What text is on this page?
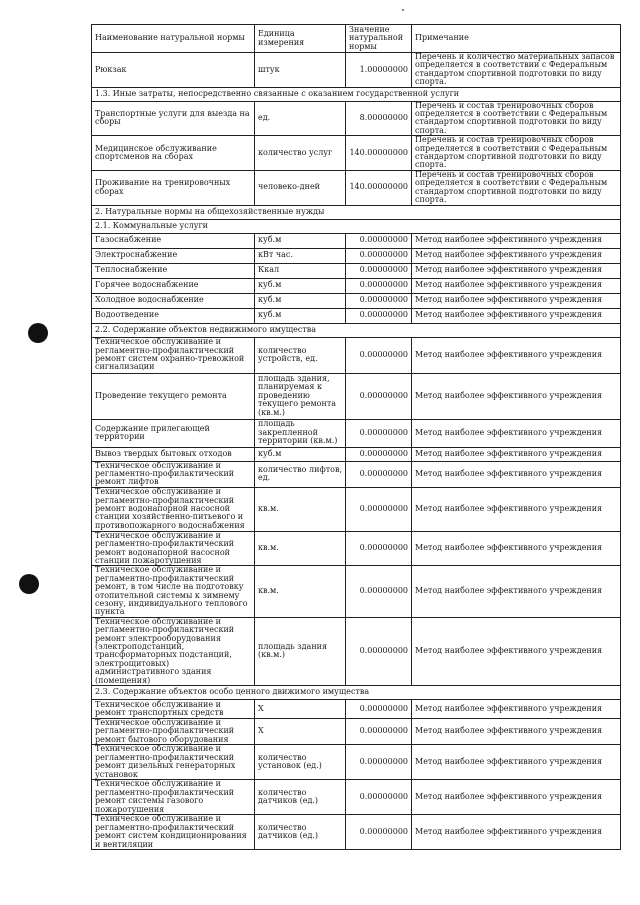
Наименование натуральной нормы	Единица измерения	Значение натуральной нормы	Примечание
Рюкзак	штук	1.00000000	Перечень и количество материальных запасов определяется в соответствии с Федеральным стандартом спортивной подготовки по виду спорта.
1.3. Иные затраты, непосредственно связанные с оказанием государственной услуги			
Транспортные услуги для выезда на сборы	ед.	8.00000000	Перечень и состав тренировочных сборов определяется в соответствии с Федеральным стандартом спортивной подготовки по виду спорта.
Медицинское обслуживание спортсменов на сборах	количество услуг	140.00000000	Перечень и состав тренировочных сборов определяется в соответствии с Федеральным стандартом спортивной подготовки по виду спорта.
Проживание на тренировочных сборах	человеко-дней	140.00000000	Перечень и состав тренировочных сборов определяется в соответствии с Федеральным стандартом спортивной подготовки по виду спорта.
2. Натуральные нормы на общехозяйственные нужды			
2.1. Коммунальные услуги			
Газоснабжение	куб.м	0.00000000	Метод наиболее эффективного учреждения
Электроснабжение	кВт час.	0.00000000	Метод наиболее эффективного учреждения
Теплоснабжение	Ккал	0.00000000	Метод наиболее эффективного учреждения
Горячее водоснабжение	куб.м	0.00000000	Метод наиболее эффективного учреждения
Холодное водоснабжение	куб.м	0.00000000	Метод наиболее эффективного учреждения
Водоотведение	куб.м	0.00000000	Метод наиболее эффективного учреждения
2.2. Содержание объектов недвижимого имущества			
Техническое обслуживание и регламентно-профилактический ремонт систем охранно-тревожной сигнализации	количество устройств, ед.	0.00000000	Метод наиболее эффективного учреждения
Проведение текущего ремонта	площадь здания, планируемая к проведению текущего ремонта (кв.м.)	0.00000000	Метод наиболее эффективного учреждения
Содержание прилегающей территории	площадь закрепленной территории (кв.м.)	0.00000000	Метод наиболее эффективного учреждения
Вывоз твердых бытовых отходов	куб.м	0.00000000	Метод наиболее эффективного учреждения
Техническое обслуживание и регламентно-профилактический ремонт лифтов	количество лифтов, ед.	0.00000000	Метод наиболее эффективного учреждения
Техническое обслуживание и регламентно-профилактический ремонт водонапорной насосной станции хозяйственно-питьевого и противопожарного водоснабжения	кв.м.	0.00000000	Метод наиболее эффективного учреждения
Техническое обслуживание и регламентно-профилактический ремонт водонапорной насосной станции пожаротушения	кв.м.	0.00000000	Метод наиболее эффективного учреждения
Техническое обслуживание и регламентно-профилактический ремонт, в том числе на подготовку отопительной системы к зимнему сезону, индивидуального теплового пункта	кв.м.	0.00000000	Метод наиболее эффективного учреждения
Техническое обслуживание и регламентно-профилактический ремонт электрооборудования (электроподстанций, трансформаторных подстанций, электрощитовых) административного здания (помещения)	площадь здания (кв.м.)	0.00000000	Метод наиболее эффективного учреждения
2.3. Содержание объектов особо ценного движимого имущества			
Техническое обслуживание и ремонт транспортных средств	Х	0.00000000	Метод наиболее эффективного учреждения
Техническое обслуживание и регламентно-профилактический ремонт бытового оборудования	Х	0.00000000	Метод наиболее эффективного учреждения
Техническое обслуживание и регламентно-профилактический ремонт дизельных генераторных установок	количество установок (ед.)	0.00000000	Метод наиболее эффективного учреждения
Техническое обслуживание и регламентно-профилактический ремонт системы газового пожаротушения	количество датчиков (ед.)	0.00000000	Метод наиболее эффективного учреждения
Техническое обслуживание и регламентно-профилактический ремонт систем кондиционирования и вентиляции	количество датчиков (ед.)	0.00000000	Метод наиболее эффективного учреждения
